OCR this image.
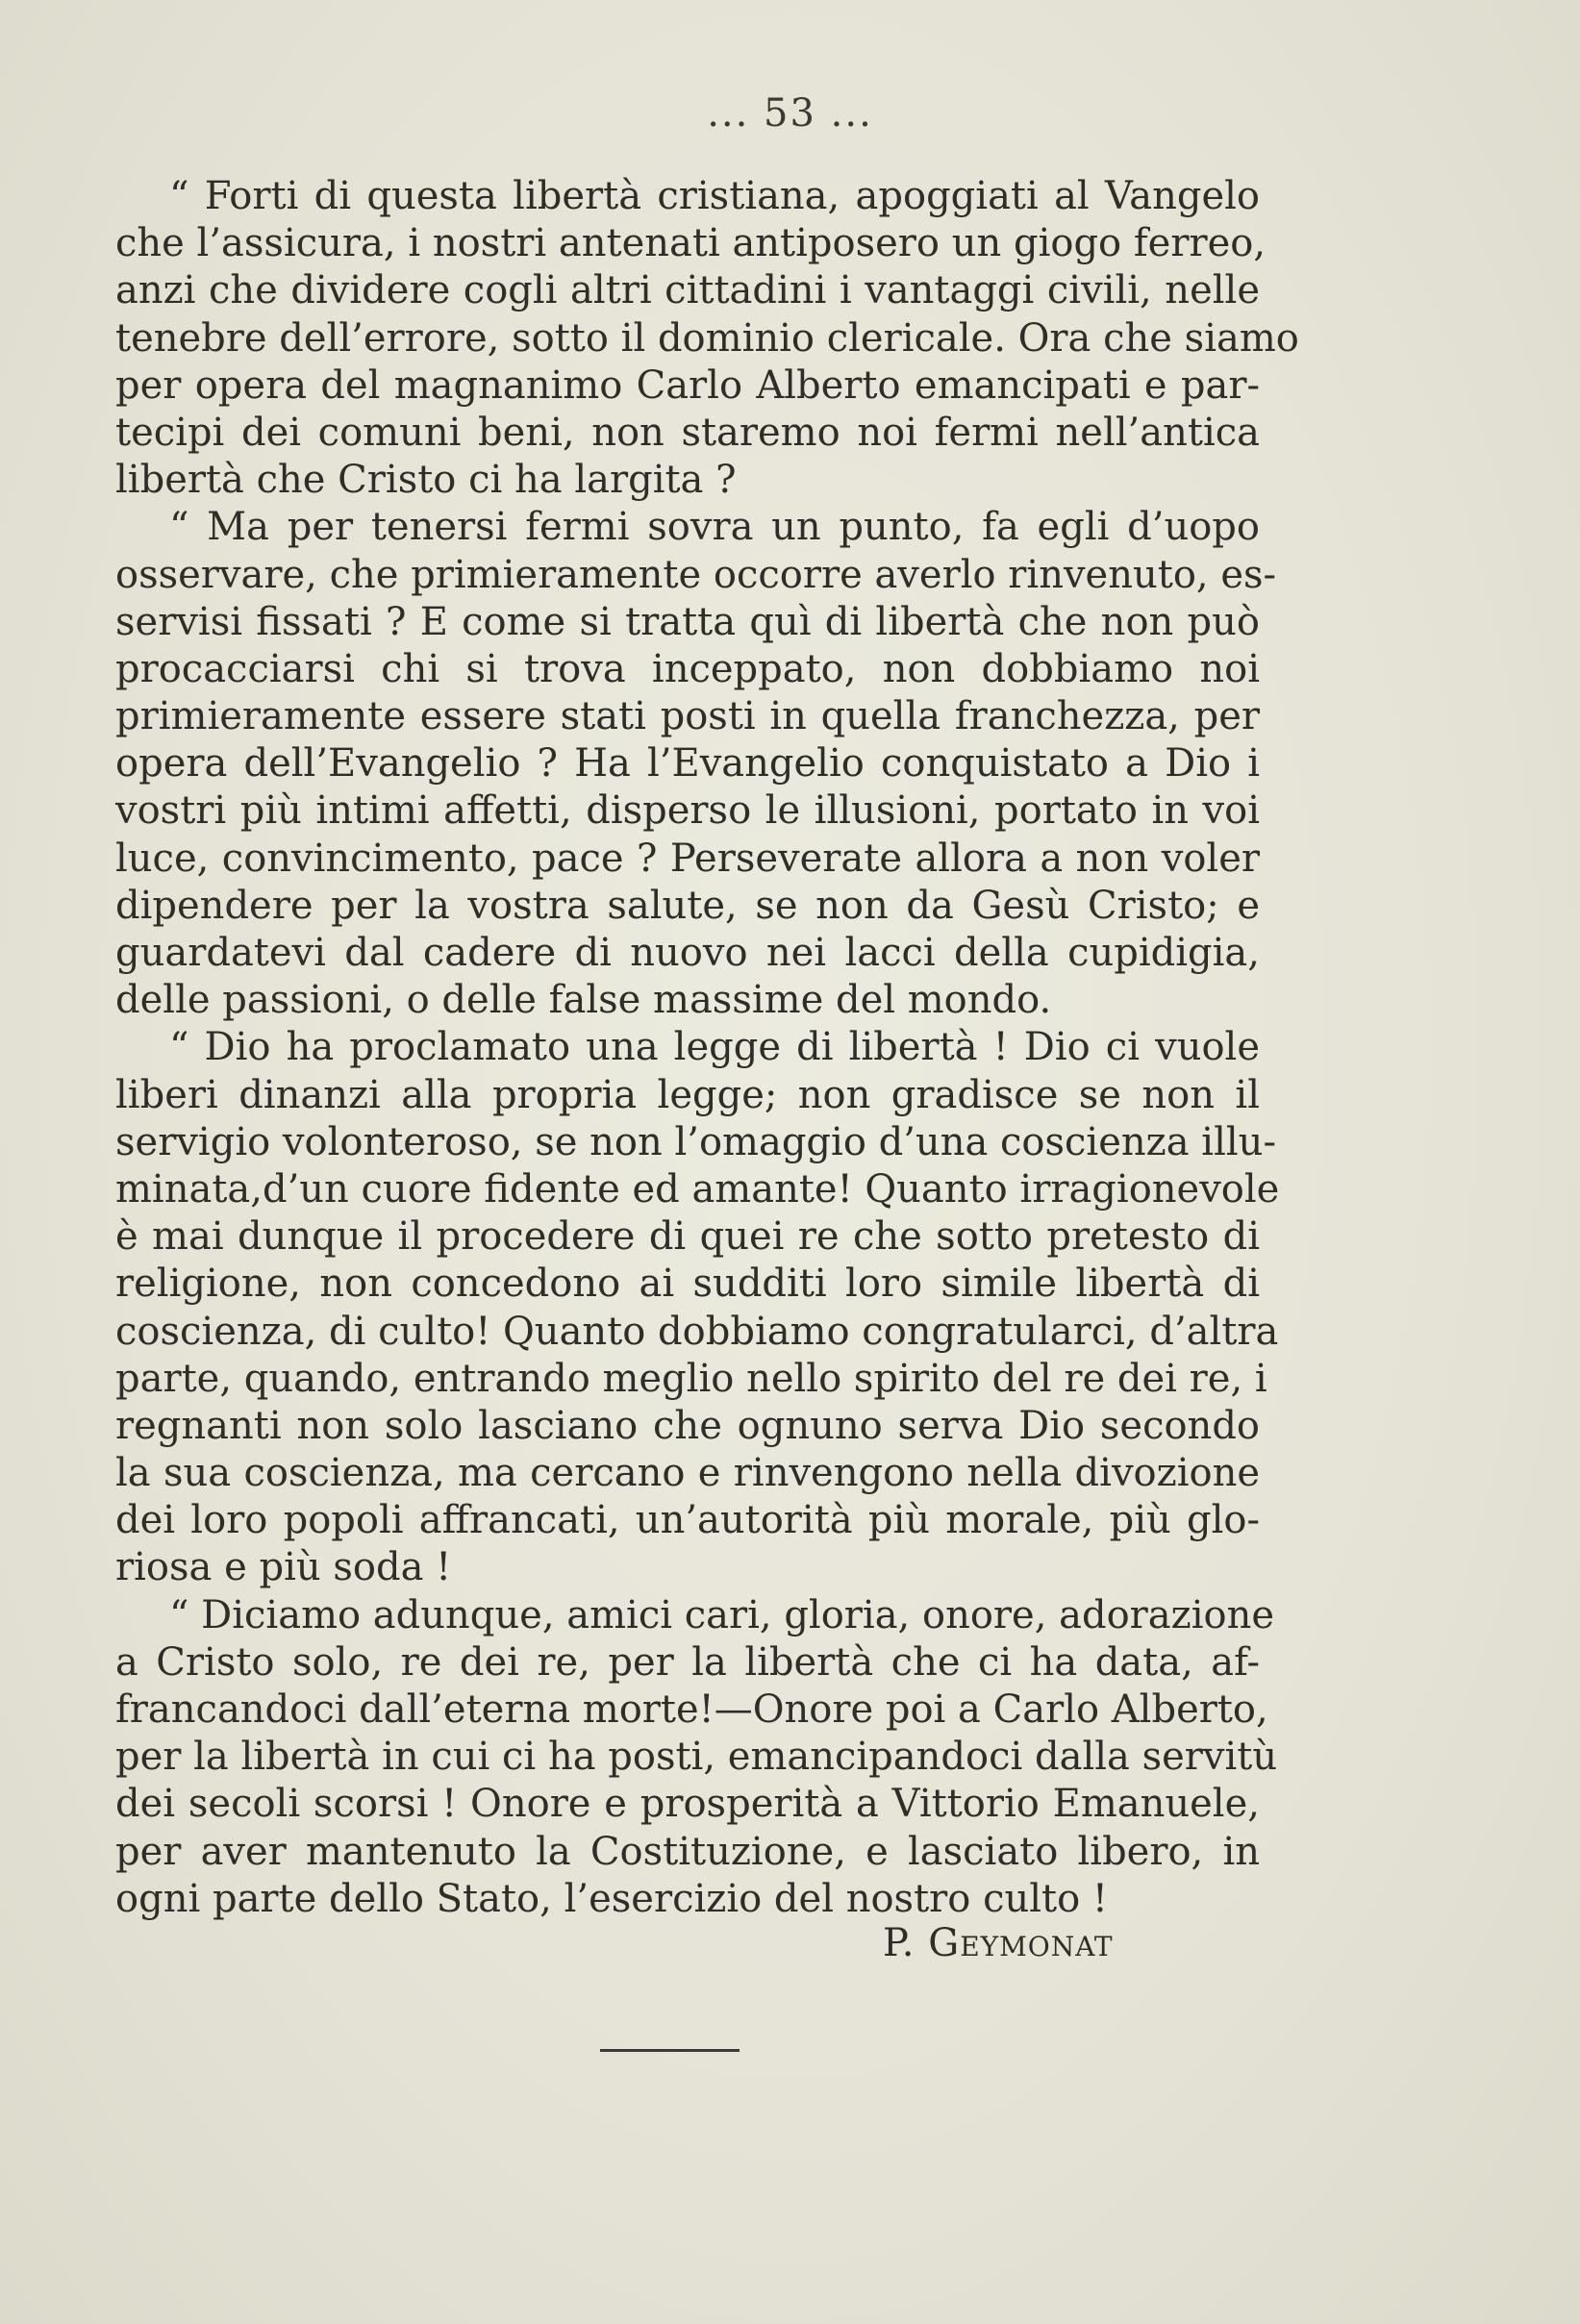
... 53 ...
“ Forti di questa libertà cristiana, apoggiati al Vangelo
che l’assicura, i nostri antenati antiposero un giogo ferreo,
anzi che dividere cogli altri cittadini i vantaggi civili, nelle
tenebre dell’errore, sotto il dominio clericale. Ora che siamo
per opera del magnanimo Carlo Alberto emancipati e par-
tecipi dei comuni beni, non staremo noi fermi nell’antica
libertà che Cristo ci ha largita ?
“ Ma per tenersi fermi sovra un punto, fa egli d’uopo
osservare, che primieramente occorre averlo rinvenuto, es-
servisi fissati ? E come si tratta quì di libertà che non può
procacciarsi chi si trova inceppato, non dobbiamo noi
primieramente essere stati posti in quella franchezza, per
opera dell’Evangelio ? Ha l’Evangelio conquistato a Dio i
vostri più intimi affetti, disperso le illusioni, portato in voi
luce, convincimento, pace ? Perseverate allora a non voler
dipendere per la vostra salute, se non da Gesù Cristo; e
guardatevi dal cadere di nuovo nei lacci della cupidigia,
delle passioni, o delle false massime del mondo.
“ Dio ha proclamato una legge di libertà ! Dio ci vuole
liberi dinanzi alla propria legge; non gradisce se non il
servigio volonteroso, se non l’omaggio d’una coscienza illu-
minata,d’un cuore fidente ed amante! Quanto irragionevole
è mai dunque il procedere di quei re che sotto pretesto di
religione, non concedono ai sudditi loro simile libertà di
coscienza, di culto! Quanto dobbiamo congratularci, d’altra
parte, quando, entrando meglio nello spirito del re dei re, i
regnanti non solo lasciano che ognuno serva Dio secondo
la sua coscienza, ma cercano e rinvengono nella divozione
dei loro popoli affrancati, un’autorità più morale, più glo-
riosa e più soda !
“ Diciamo adunque, amici cari, gloria, onore, adorazione
a Cristo solo, re dei re, per la libertà che ci ha data, af-
francandoci dall’eterna morte!—Onore poi a Carlo Alberto,
per la libertà in cui ci ha posti, emancipandoci dalla servitù
dei secoli scorsi ! Onore e prosperità a Vittorio Emanuele,
per aver mantenuto la Costituzione, e lasciato libero, in
ogni parte dello Stato, l’esercizio del nostro culto !
P. Geymonat
